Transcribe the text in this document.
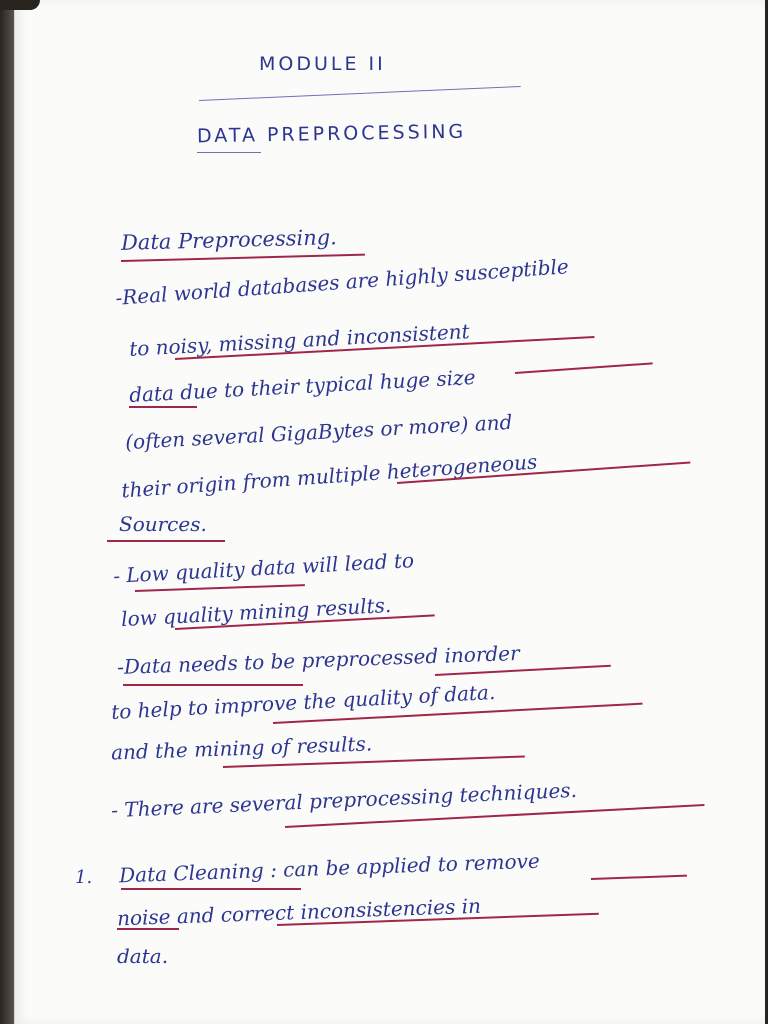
MODULE II
DATA PREPROCESSING
Data Preprocessing.
-Real world databases are highly susceptible
to noisy, missing and inconsistent
data due to their typical huge size
(often several GigaBytes or more) and
their origin from multiple heterogeneous
Sources.
- Low quality data will lead to
low quality mining results.
-Data needs to be preprocessed inorder
to help to improve the quality of data.
and the mining of results.
- There are several preprocessing techniques.
1. Data Cleaning : can be applied to remove
noise and correct inconsistencies in
data.
